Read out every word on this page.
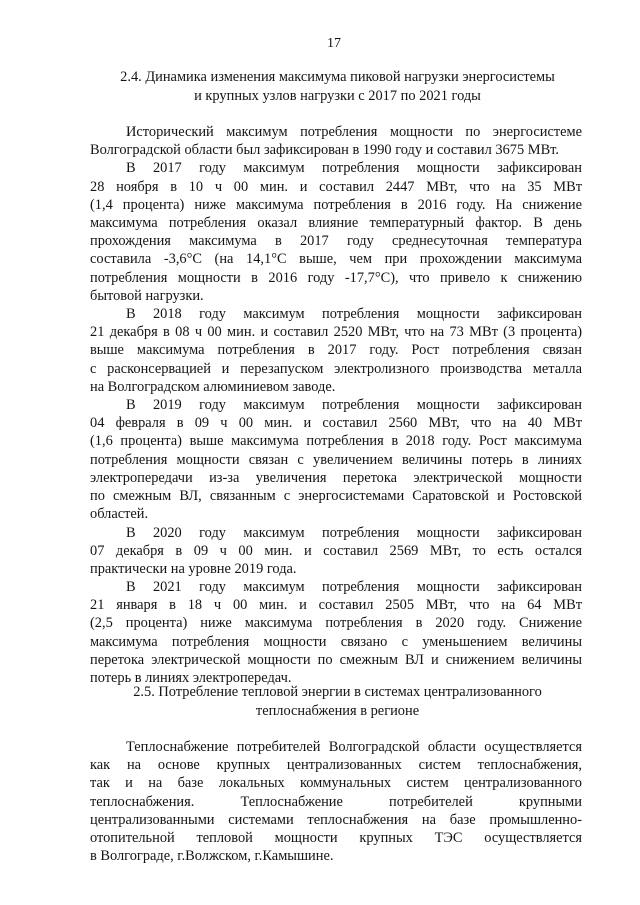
17
2.4. Динамика изменения максимума пиковой нагрузки энергосистемы
и крупных узлов нагрузки с 2017 по 2021 годы
Исторический максимум потребления мощности по энергосистеме
Волгоградской области был зафиксирован в 1990 году и составил 3675 МВт.
В 2017 году максимум потребления мощности зафиксирован
28 ноября в 10 ч 00 мин. и составил 2447 МВт, что на 35 МВт
(1,4 процента) ниже максимума потребления в 2016 году. На снижение
максимума потребления оказал влияние температурный фактор. В день
прохождения максимума в 2017 году среднесуточная температура
составила -3,6°С (на 14,1°С выше, чем при прохождении максимума
потребления мощности в 2016 году -17,7°С), что привело к снижению
бытовой нагрузки.
В 2018 году максимум потребления мощности зафиксирован
21 декабря в 08 ч 00 мин. и составил 2520 МВт, что на 73 МВт (3 процента)
выше максимума потребления в 2017 году. Рост потребления связан
с расконсервацией и перезапуском электролизного производства металла
на Волгоградском алюминиевом заводе.
В 2019 году максимум потребления мощности зафиксирован
04 февраля в 09 ч 00 мин. и составил 2560 МВт, что на 40 МВт
(1,6 процента) выше максимума потребления в 2018 году. Рост максимума
потребления мощности связан с увеличением величины потерь в линиях
электропередачи из-за увеличения перетока электрической мощности
по смежным ВЛ, связанным с энергосистемами Саратовской и Ростовской
областей.
В 2020 году максимум потребления мощности зафиксирован
07 декабря в 09 ч 00 мин. и составил 2569 МВт, то есть остался
практически на уровне 2019 года.
В 2021 году максимум потребления мощности зафиксирован
21 января в 18 ч 00 мин. и составил 2505 МВт, что на 64 МВт
(2,5 процента) ниже максимума потребления в 2020 году. Снижение
максимума потребления мощности связано с уменьшением величины
перетока электрической мощности по смежным ВЛ и снижением величины
потерь в линиях электропередач.
2.5. Потребление тепловой энергии в системах централизованного
теплоснабжения в регионе
Теплоснабжение потребителей Волгоградской области осуществляется
как на основе крупных централизованных систем теплоснабжения,
так и на базе локальных коммунальных систем централизованного
теплоснабжения. Теплоснабжение потребителей крупными
централизованными системами теплоснабжения на базе промышленно-
отопительной тепловой мощности крупных ТЭС осуществляется
в Волгограде, г.Волжском, г.Камышине.
